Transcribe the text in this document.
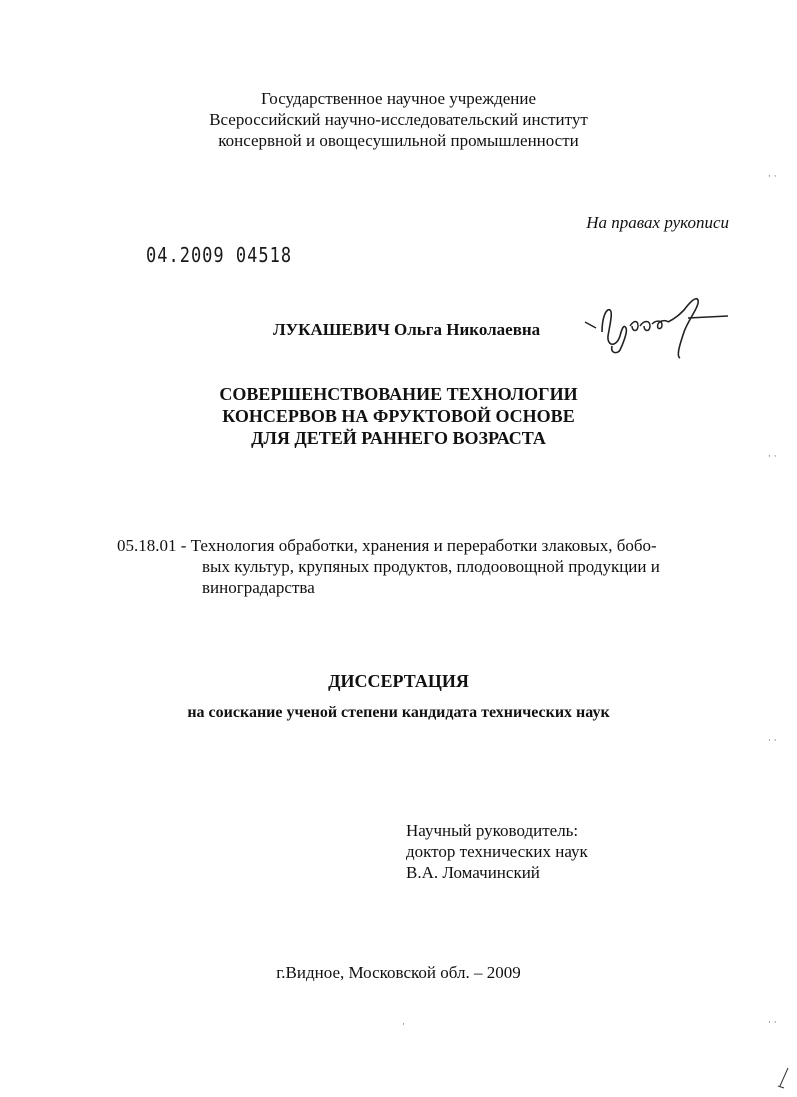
Государственное научное учреждение
Всероссийский научно-исследовательский институт
консервной и овощесушильной промышленности
На правах рукописи
04.2009 04518
ЛУКАШЕВИЧ Ольга Николаевна
СОВЕРШЕНСТВОВАНИЕ ТЕХНОЛОГИИ
КОНСЕРВОВ НА ФРУКТОВОЙ ОСНОВЕ
ДЛЯ ДЕТЕЙ РАННЕГО ВОЗРАСТА
05.18.01 - Технология обработки, хранения и переработки злаковых, бобо-
вых культур, крупяных продуктов, плодоовощной продукции и
виноградарства
ДИССЕРТАЦИЯ
на соискание ученой степени кандидата технических наук
Научный руководитель:
доктор технических наук
В.А. Ломачинский
г.Видное, Московской обл. – 2009
· ·
· ·
· ·
· ·
·
